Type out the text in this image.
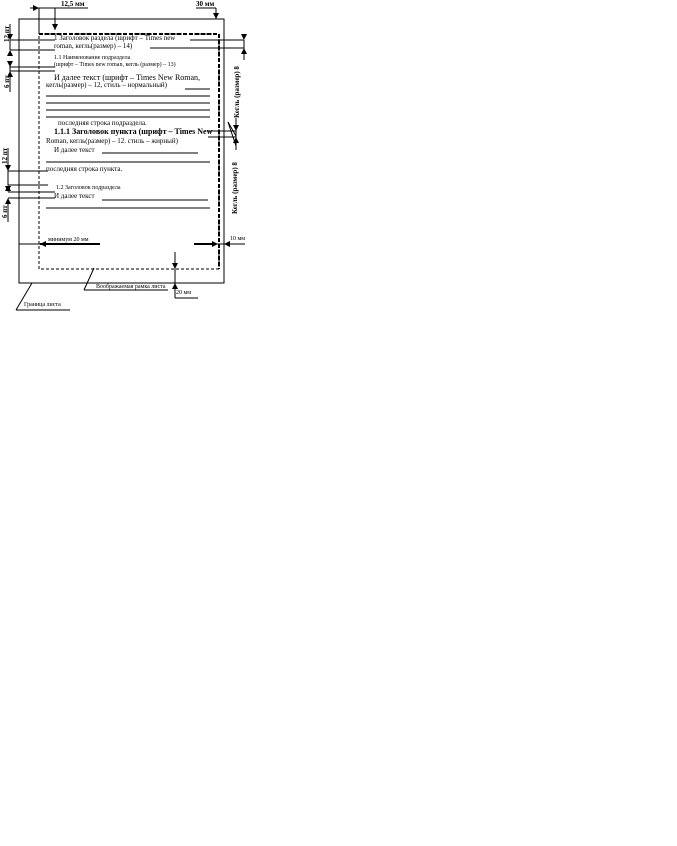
12,5 мм	30 мм
12 пт
6 пт
12 пт
6 пт
минимум 20 мм	10 мм
20 мм
1 Заголовок раздела (шрифт – Times new
roman, кегль(размер) – 14)
1.1 Наименование подраздела
(шрифт – Times new roman, кегль (размер) – 13)
И далее текст (шрифт – Times New Roman,
кегль(размер) – 12, стиль – нормальный)
последняя строка подраздела.
1.1.1 Заголовок пункта (шрифт – Times New
Roman, кегль(размер) – 12. стиль – жирный)
И далее текст
последняя строка пункта.
1.2 Заголовок подраздела
И далее текст
Кегль (размер) 8
Кегль (размер) 8
Воображаемая рамка листа
Граница листа
